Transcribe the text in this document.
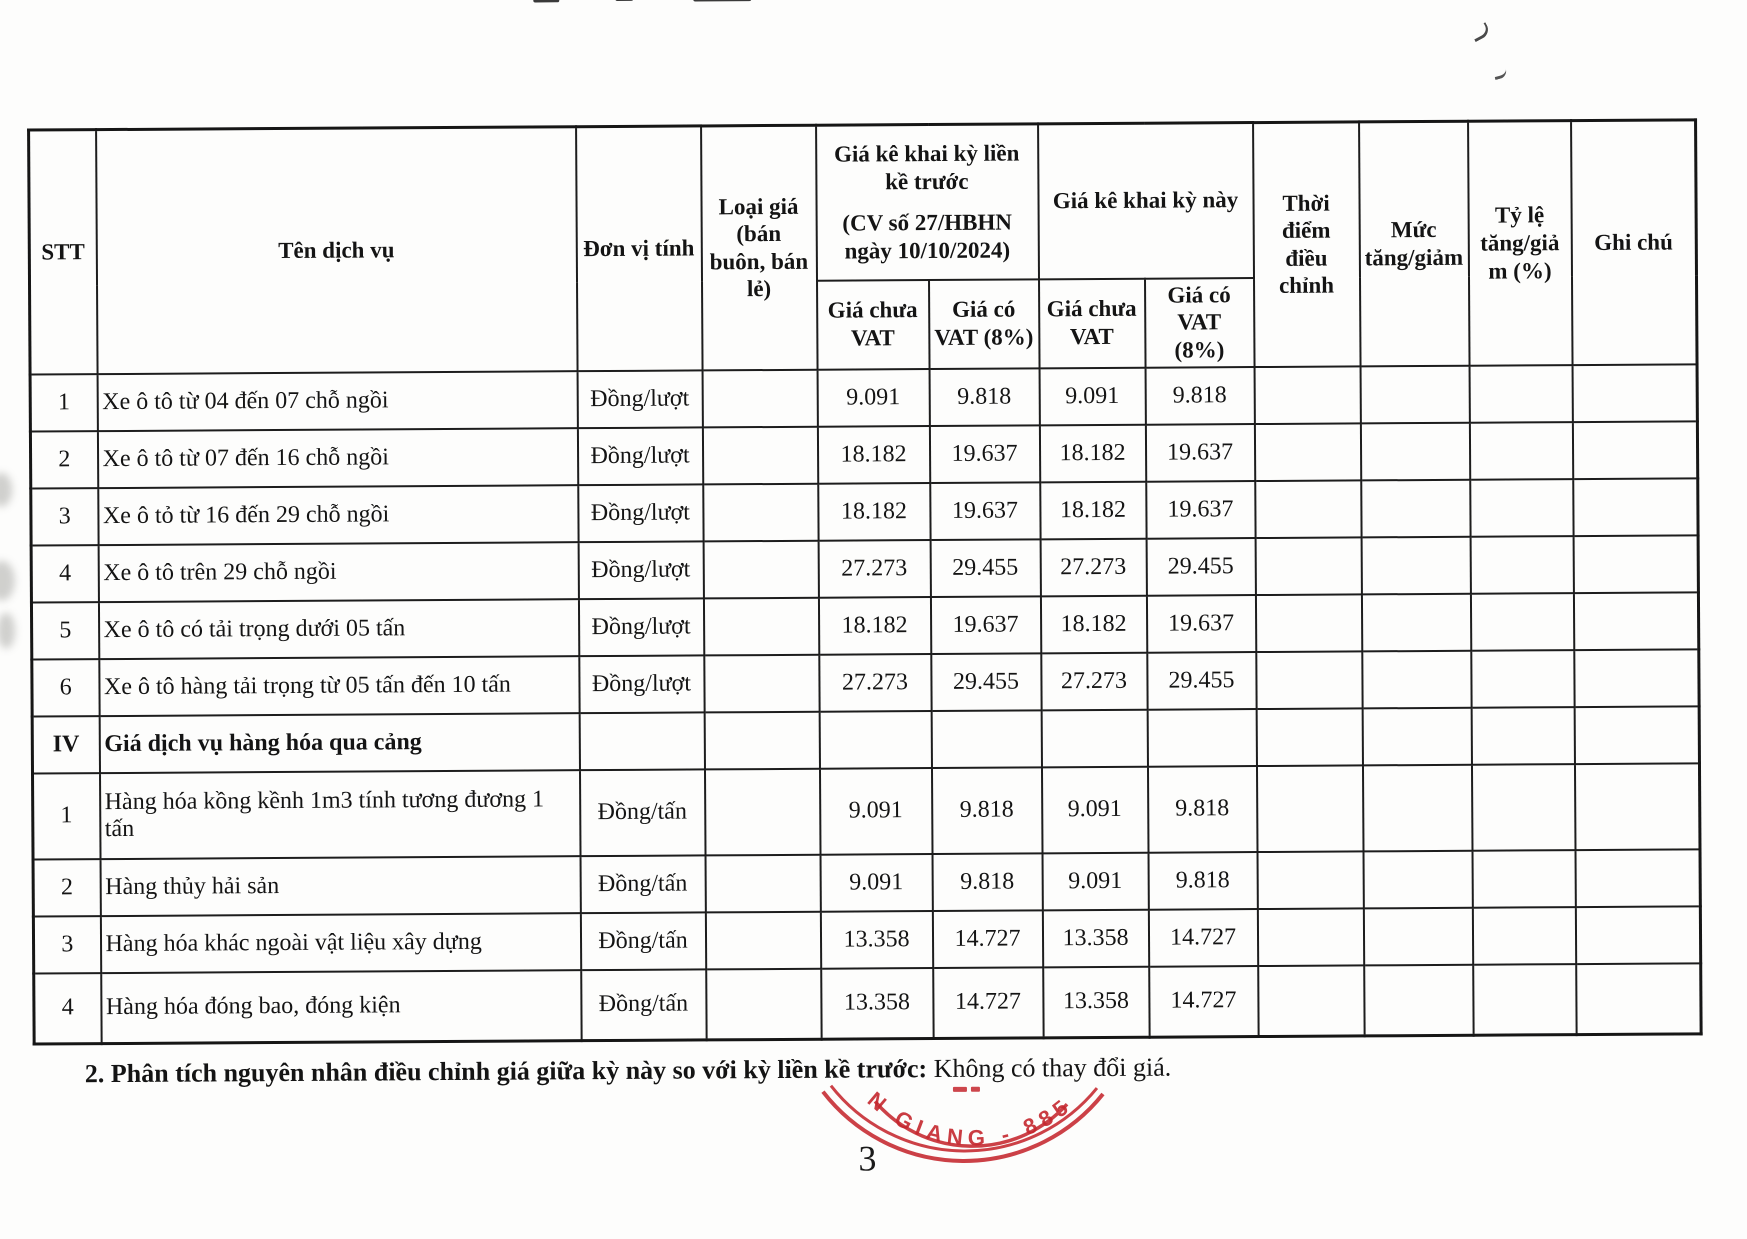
STT	Tên dịch vụ	Đơn vị tính	Loại giá (bán buôn, bán lẻ)	Giá kê khai kỳ liền kề trước
(CV số 27/HBHN ngày 10/10/2024)		Giá kê khai kỳ này		Thời điểm điều chỉnh	Mức tăng/giảm	Tỷ lệ tăng/giảm (%)	Ghi chú
				Giá chưa VAT	Giá có VAT (8%)	Giá chưa VAT	Giá có VAT (8%)				
1	Xe ô tô từ 04 đến 07 chỗ ngồi	Đồng/lượt		9.091	9.818	9.091	9.818				
2	Xe ô tô từ 07 đến 16 chỗ ngồi	Đồng/lượt		18.182	19.637	18.182	19.637				
3	Xe ô tỏ từ 16 đến 29 chỗ ngồi	Đồng/lượt		18.182	19.637	18.182	19.637				
4	Xe ô tô trên 29 chỗ ngồi	Đồng/lượt		27.273	29.455	27.273	29.455				
5	Xe ô tô có tải trọng dưới 05 tấn	Đồng/lượt		18.182	19.637	18.182	19.637				
6	Xe ô tô hàng tải trọng từ 05 tấn đến 10 tấn	Đồng/lượt		27.273	29.455	27.273	29.455				
IV	Giá dịch vụ hàng hóa qua cảng										
1	Hàng hóa kồng kềnh 1m3 tính tương đương 1 tấn	Đồng/tấn		9.091	9.818	9.091	9.818				
2	Hàng thủy hải sản	Đồng/tấn		9.091	9.818	9.091	9.818				
3	Hàng hóa khác ngoài vật liệu xây dựng	Đồng/tấn		13.358	14.727	13.358	14.727				
4	Hàng hóa đóng bao, đóng kiện	Đồng/tấn		13.358	14.727	13.358	14.727				
2. Phân tích nguyên nhân điều chỉnh giá giữa kỳ này so với kỳ liền kề trước: Không có thay đổi giá.
N GIANG - 885
3
